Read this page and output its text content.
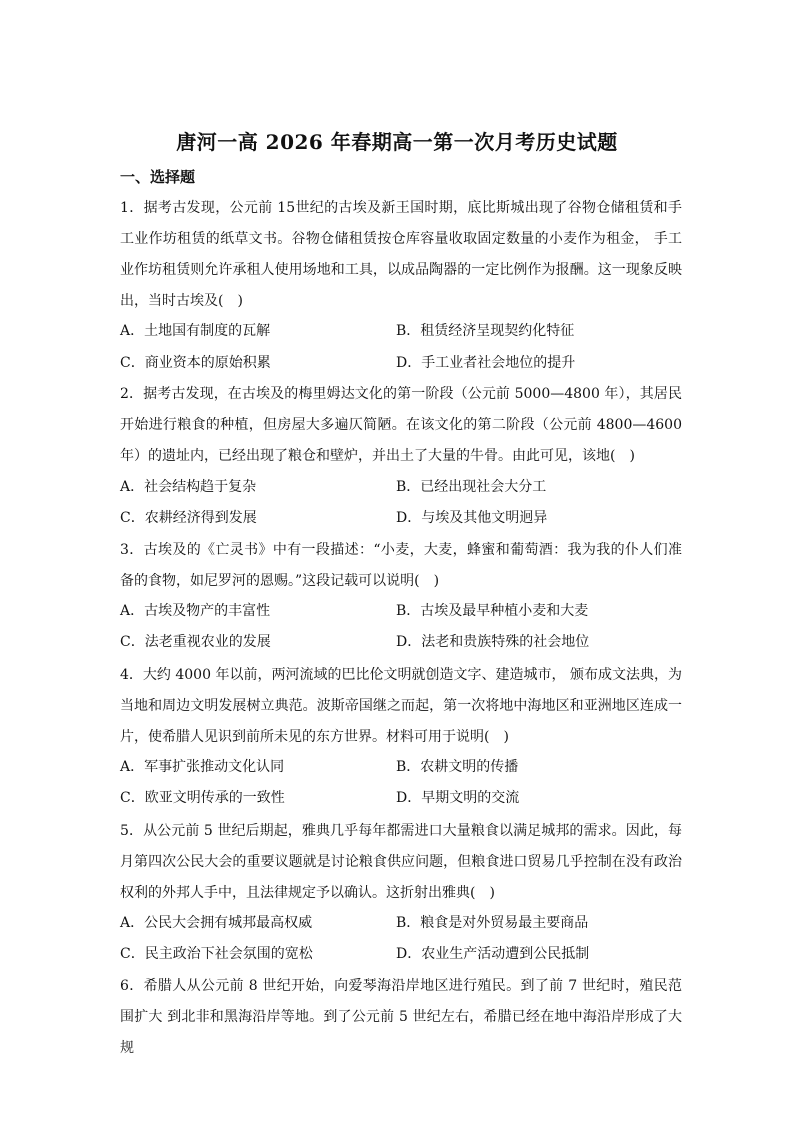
唐河一高 2026 年春期高一第一次月考历史试题
一、选择题
1．据考古发现，公元前 15世纪的古埃及新王国时期，底比斯城出现了谷物仓储租赁和手工业作坊租赁的纸草文书。谷物仓储租赁按仓库容量收取固定数量的小麦作为租金， 手工业作坊租赁则允许承租人使用场地和工具，以成品陶器的一定比例作为报酬。这一现象反映出，当时古埃及(　)
A．土地国有制度的瓦解	B．租赁经济呈现契约化特征
C．商业资本的原始积累	D．手工业者社会地位的提升
2．据考古发现，在古埃及的梅里姆达文化的第一阶段（公元前 5000—4800 年），其居民开始进行粮食的种植，但房屋大多遍仄简陋。在该文化的第二阶段（公元前 4800—4600 年）的遗址内，已经出现了粮仓和壁炉，并出土了大量的牛骨。由此可见，该地(　)
A．社会结构趋于复杂	B．已经出现社会大分工
C．农耕经济得到发展	D．与埃及其他文明迥异
3．古埃及的《亡灵书》中有一段描述：“小麦，大麦，蜂蜜和葡萄酒：我为我的仆人们准备的食物，如尼罗河的恩赐。”这段记载可以说明(　)
A．古埃及物产的丰富性	B．古埃及最早种植小麦和大麦
C．法老重视农业的发展	D．法老和贵族特殊的社会地位
4．大约 4000 年以前，两河流域的巴比伦文明就创造文字、建造城市， 颁布成文法典，为当地和周边文明发展树立典范。波斯帝国继之而起，第一次将地中海地区和亚洲地区连成一片，使希腊人见识到前所未见的东方世界。材料可用于说明(　)
A．军事扩张推动文化认同	B．农耕文明的传播
C．欧亚文明传承的一致性	D．早期文明的交流
5．从公元前 5 世纪后期起，雅典几乎每年都需进口大量粮食以满足城邦的需求。因此，每月第四次公民大会的重要议题就是讨论粮食供应问题，但粮食进口贸易几乎控制在没有政治权利的外邦人手中，且法律规定予以确认。这折射出雅典(　)
A．公民大会拥有城邦最高权威	B．粮食是对外贸易最主要商品
C．民主政治下社会氛围的宽松	D．农业生产活动遭到公民抵制
6．希腊人从公元前 8 世纪开始，向爱琴海沿岸地区进行殖民。到了前 7 世纪时，殖民范围扩大 到北非和黑海沿岸等地。到了公元前 5 世纪左右，希腊已经在地中海沿岸形成了大规
